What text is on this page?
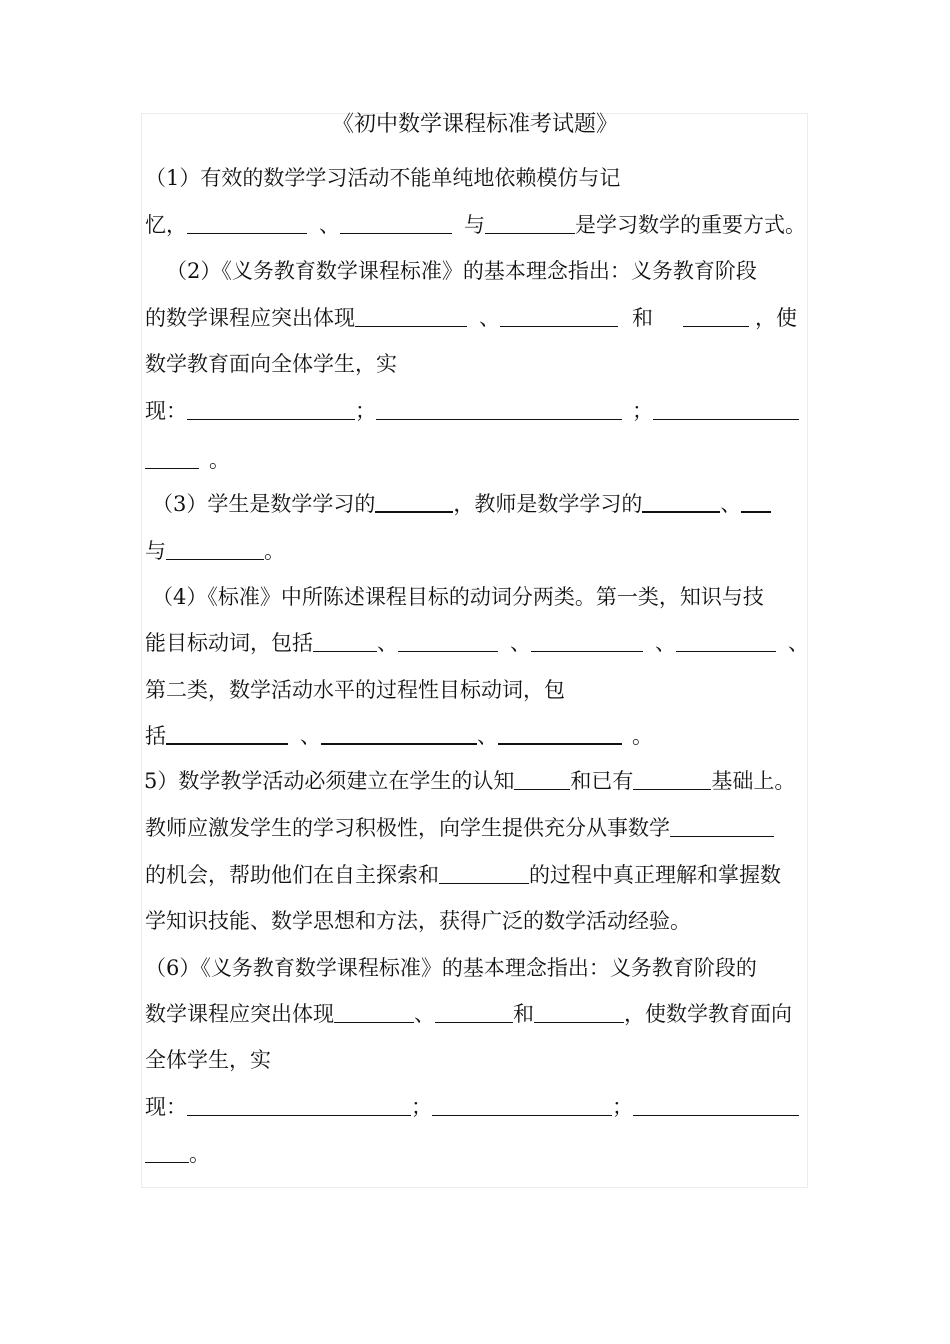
《初中数学课程标准考试题》
（1）有效的数学学习活动不能单纯地依赖模仿与记
忆，	、	与	是学习数学的重要方式。
（2）《义务教育数学课程标准》的基本理念指出：义务教育阶段
的数学课程应突出体现	、	和	，使
数学教育面向全体学生，实
现：	；	；
。
（3）学生是数学学习的	，教师是数学学习的	、
与	。
（4）《标准》中所陈述课程目标的动词分两类。第一类，知识与技
能目标动词，包括	、	、	、	、
第二类，数学活动水平的过程性目标动词，包
括	、	、	。
5）数学教学活动必须建立在学生的认知	和已有	基础上。
教师应激发学生的学习积极性，向学生提供充分从事数学
的机会，帮助他们在自主探索和	的过程中真正理解和掌握数
学知识技能、数学思想和方法，获得广泛的数学活动经验。
（6）《义务教育数学课程标准》的基本理念指出：义务教育阶段的
数学课程应突出体现	、	和	，使数学教育面向
全体学生，实
现：	；	；
。
